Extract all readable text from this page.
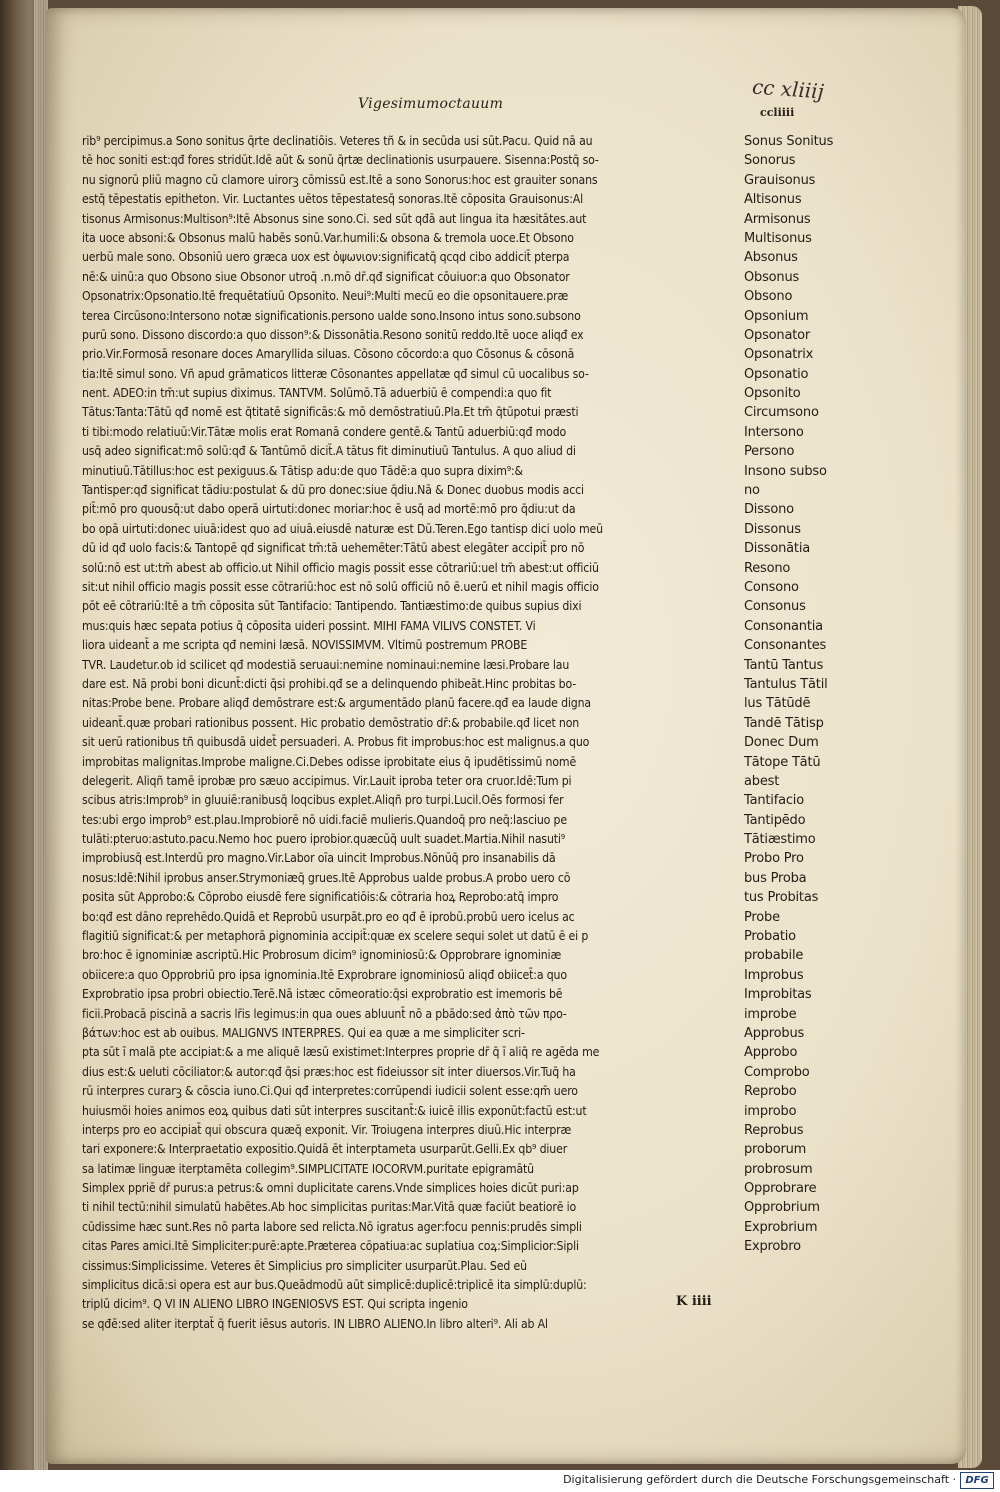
Vigesimumoctauum
cc xliiij
ccliiii
rib⁹ percipimus.a Sono sonitus q̄rte declinatiōis. Veteres tñ & in secūda usi sūt.Pacu. Quid nā au
tē hoc soniti est:qđ fores stridūt.Idē aūt & sonū q̄rtæ declinationis usurpauere. Sisenna:Postq̄ so-
nu signorū pliū magno cū clamore uirorꝫ cōmissū est.Itē a sono Sonorus:hoc est grauiter sonans
estq̄ tēpestatis epitheton. Vir. Luctantes uētos tēpestatesq̄ sonoras.Itē cōposita Grauisonus:Al
tisonus Armisonus:Multison⁹:Itē Absonus sine sono.Ci. sed sūt qđā aut lingua ita hæsitātes.aut
ita uoce absoni:& Obsonus malū habēs sonū.Var.humili:& obsona & tremola uoce.Et Obsono
uerbū male sono. Obsoniū uero græca uox est ὀψωνιον:significatq̄ qcqd cibo addicit̄ pterpa
nē:& uinū:a quo Obsono siue Obsonor utroq̄ .n.mō dr̄.qđ significat cōuiuor:a quo Obsonator
Opsonatrix:Opsonatio.Itē frequētatiuū Opsonito. Neui⁹:Multi mecū eo die opsonitauere.præ
terea Circūsono:Intersono notæ significationis.persono ualde sono.Insono intus sono.subsono
purū sono. Dissono discordo:a quo disson⁹:& Dissonātia.Resono sonitū reddo.Itē uoce aliqđ ex
prio.Vir.Formosā resonare doces Amaryllida siluas. Cōsono cōcordo:a quo Cōsonus & cōsonā
tia:Itē simul sono. Vñ apud grāmaticos litteræ Cōsonantes appellatæ qđ simul cū uocalibus so-
nent. ADEO:in tm̄:ut supius diximus. TANTVM. Solūmō.Tā aduerbiū ē compendi:a quo fit
Tātus:Tanta:Tātū qđ nomē est q̄titatē significās:& mō demōstratiuū.Pla.Et tm̄ q̄tūpotui præsti
ti tibi:modo relatiuū:Vir.Tātæ molis erat Romanā condere gentē.& Tantū aduerbiū:qđ modo
usq̄ adeo significat:mō solū:qđ & Tantūmō dicit̄.A tātus fit diminutiuū Tantulus. A quo aliud di
minutiuū.Tātillus:hoc est pexiguus.& Tātisp adu:de quo Tādē:a quo supra dixim⁹:&
Tantisper:qđ significat tādiu:postulat & dū pro donec:siue q̄diu.Nā & Donec duobus modis acci
pit̄:mō pro quousq̄:ut dabo operā uirtuti:donec moriar:hoc ē usq̄ ad mortē:mō pro q̄diu:ut da
bo opā uirtuti:donec uiuā:idest quo ad uiuā.eiusdē naturæ est Dū.Teren.Ego tantisp dici uolo meū
dū id qđ uolo facis:& Tantopē qđ significat tm̄:tā uehemēter:Tātū abest elegāter accipit̄ pro nō
solū:nō est ut:tm̄ abest ab officio.ut Nihil officio magis possit esse cōtrariū:uel tm̄ abest:ut officiū
sit:ut nihil officio magis possit esse cōtrariū:hoc est nō solū officiū nō ē.uerū et nihil magis officio
pōt eē cōtrariū:Itē a tm̄ cōposita sūt Tantifacio: Tantipendo. Tantiæstimo:de quibus supius dixi
mus:quis hæc sepata potius q̄ cōposita uideri possint. MIHI FAMA VILIVS CONSTET. Vi
liora uideant̄ a me scripta qđ nemini læsā. NOVISSIMVM. Vltimū postremum PROBE
TVR. Laudetur.ob id scilicet qđ modestiā seruaui:nemine nominaui:nemine læsi.Probare lau
dare est. Nā probi boni dicunt̄:dicti q̄si prohibi.qđ se a delinquendo phibeāt.Hinc probitas bo-
nitas:Probe bene. Probare aliqđ demōstrare est:& argumentādo planū facere.qđ ea laude digna
uideant̄.quæ probari rationibus possent. Hic probatio demōstratio dr̄:& probabile.qđ licet non
sit uerū rationibus tñ quibusdā uidet̄ persuaderi. A. Probus fit improbus:hoc est malignus.a quo
improbitas malignitas.Improbe maligne.Ci.Debes odisse iprobitate eius q̄ ipudētissimū nomē
delegerit. Aliqñ tamē iprobæ pro sæuo accipimus. Vir.Lauit iproba teter ora cruor.Idē:Tum pi
scibus atris:Improb⁹ in gluuiē:ranibusq̄ loqcibus explet.Aliqñ pro turpi.Lucil.Oēs formosi fer
tes:ubi ergo improb⁹ est.plau.Improbiorē nō uidi.faciē mulieris.Quandoq̄ pro neq̄:lasciuo pe
tulāti:pteruo:astuto.pacu.Nemo hoc puero iprobior.quæcūq̄ uult suadet.Martia.Nihil nasuti⁹
improbiusq̄ est.Interdū pro magno.Vir.Labor oīa uincit Improbus.Nōnūq̄ pro insanabilis dā
nosus:Idē:Nihil iprobus anser.Strymoniæq̄ grues.Itē Approbus ualde probus.A probo uero cō
posita sūt Approbo:& Cōprobo eiusdē fere significatiōis:& cōtraria hoꝝ Reprobo:atq̄ impro
bo:qđ est dāno reprehēdo.Quidā et Reprobū usurpāt.pro eo qđ ē iprobū.probū uero icelus ac
flagitiū significat:& per metaphorā ꝑignominia accipit̄:quæ ex scelere sequi solet ut datū ē ei p
bro:hoc ē ignominiæ ascriptū.Hic Probrosum dicim⁹ ignominiosū:& Opprobrare ignominiæ
obiicere:a quo Opprobriū pro ipsa ignominia.Itē Exprobrare ignominiosū aliqđ obiicet̄:a quo
Exprobratio ipsa probri obiectio.Terē.Nā istæc cōmeoratio:q̄si exprobratio est imemoris bē
ficii.Probacā piscinā a sacris lr̄is legimus:in qua oues abluunt̄ nō a pbādo:sed ἀπὸ τῶν προ-
βάτων:hoc est ab ouibus. MALIGNVS INTERPRES. Qui ea quæ a me simpliciter scri-
pta sūt ī malā pte accipiat:& a me aliquē læsū existimet:Interpres proprie dr̄ q̄ ī aliq̄ re agēda me
dius est:& ueluti cōciliator:& autor:qđ q̄si præs:hoc est fideiussor sit inter diuersos.Vir.Tuq̄ ha
rū interpres curarꝫ & cōscia iuno.Ci.Qui qđ interpretes:corrūpendi iudicii solent esse:qm̄ uero
huiusmōi hoies animos eoꝝ quibus dati sūt interpres suscitant̄:& iuicē illis exponūt:factū est:ut
interps pro eo accipiat̄ qui obscura quæq̄ exponit. Vir. Troiugena interpres diuū.Hic interpræ
tari exponere:& Interpraetatio expositio.Quidā ēt interptameta usurparūt.Gelli.Ex qb⁹ diuer
sa latimæ linguæ iterptamēta collegim⁹.SIMPLICITATE IOCORVM.puritate epigramātū
Simplex ppriē dr̄ purus:a petrus:& omni duplicitate carens.Vnde simplices hoies dicūt puri:ap
ti nihil tectū:nihil simulatū habētes.Ab hoc simplicitas puritas:Mar.Vitā quæ faciūt beatiorē io
cūdissime hæc sunt.Res nō parta labore sed relicta.Nō igratus ager:focu pennis:prudēs simpli
citas Pares amici.Itē Simpliciter:purē:apte.Præterea cōpatiua:ac suplatiua coꝝ:Simplicior:Sipli
cissimus:Simplicissime. Veteres ēt Simplicius pro simpliciter usurparūt.Plau. Sed eū
simplicitus dicā:si opera est aur bus.Queādmodū aūt simplicē:duplicē:triplicē ita simplū:duplū:
triplū dicim⁹. Q VI IN ALIENO LIBRO INGENIOSVS EST. Qui scripta ingenio
se qđē:sed aliter iterptat̄ q̄ fuerit iēsus autoris. IN LIBRO ALIENO.In libro alteri⁹. Ali ab Al
Sonus Sonitus
Sonorus
Grauisonus
Altisonus
Armisonus
Multisonus
Absonus
Obsonus
Obsono
Opsonium
Opsonator
Opsonatrix
Opsonatio
Opsonito
Circumsono
Intersono
Persono
Insono subso
no
Dissono
Dissonus
Dissonātia
Resono
Consono
Consonus
Consonantia
Consonantes
Tantū Tantus
Tantulus Tātil
lus Tātūdē
Tandē Tātisp
Donec Dum
Tātope Tātū
abest
Tantifacio
Tantipēdo
Tātiæstimo
Probo Pro
bus Proba
tus Probitas
Probe
Probatio
probabile
Improbus
Improbitas
improbe
Approbus
Approbo
Comprobo
Reprobo
improbo
Reprobus
proborum
probrosum
Opprobrare
Opprobrium
Exprobrium
Exprobro
K iiii
Digitalisierung gefördert durch die Deutsche Forschungsgemeinschaft · DFG
